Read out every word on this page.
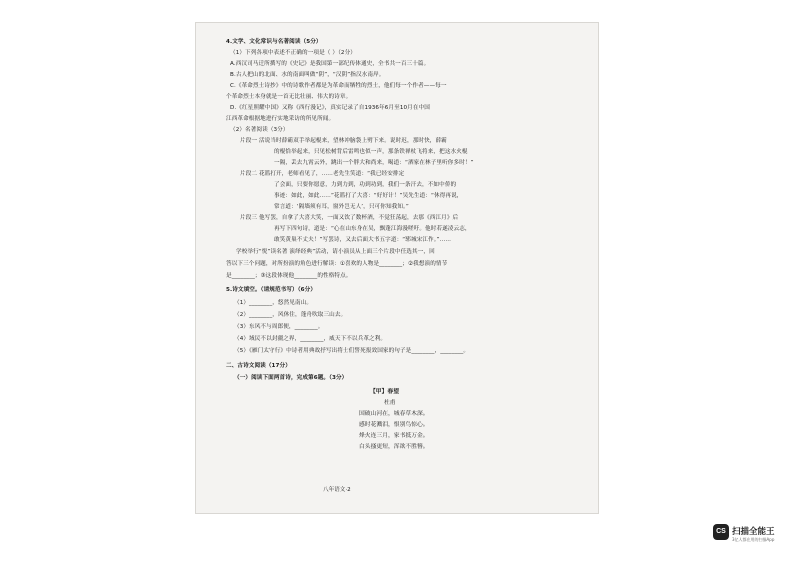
4.文学、文化常识与名著阅读（5分）
（1）下列各项中表述不正确的一项是（ ）（2分）
A.西汉司马迁所撰写的《史记》是我国第一部纪传体通史，全书共一百三十篇。
B.古人把山的北面、水的南面叫做“阴”，“汉阴”指汉水南岸。
C.《革命烈士诗抄》中的诗歌作者都是为革命而牺牲的烈士，他们每一个作者——每一
个革命烈士本身就是一首无比壮丽、伟大的诗章。
D.《红星照耀中国》又称《西行漫记》，真实记录了自1936年6月至10月在中国
江西革命根据地进行实地采访的所见所闻。
（2）名著阅读（3分）
片段一 活说当时薛霸双手举起棍来，望林冲脑袋上劈下来。说时迟，那时快，薛霸
的棍恰举起来，只见松树背后雷鸣也似一声，那条铁禅杖飞将来，把这水火棍
一隔，丢去九霄云外，跳出一个胖大和尚来，喝道：“洒家在林子里听你多时！”
片段二 花篮打开，老师看见了，……老先生笑道：“我已经安排定
了会面，只要你愿意，力到力到，功到功到，我们一条汗去，不如中侨的
事迹：如此，如此……”花篮打了大喜：“好好计！”吴先生道：“休得再说，
常言道：‘隔墙须有耳，窗外岂无人’，只可你知我知。”
片段三 他写罢，自拿了大喜大笑，一面又饮了数杯酒，不觉狂荡起，去那《西江月》后
再写下四句诗，道是：“心在山东身在吴，飘蓬江海漫嗟吁。他时若遂凌云志，
敢笑黄巢不丈夫！”写罢诗，又去后面大书五字道：“郓城宋江作。”……
学校举行“悦”读名著 演绎经典”活动，请小演员从上面三个片段中任选其一，回
答以下三个问题，对所扮演的角色进行解读：①喜欢的人物是________；②我想演的情节
是________；③这段体现他________的性格特点。
5.诗文填空。（请规范书写）（6分）
（1）________，悠然见南山。
（2）________，风休住，蓬舟吹取三山去。
（3）东风不与周郎便，________。
（4）域民不以封疆之界，________，威天下不以兵革之利。
（5）《雁门太守行》中诗者用典故抒写出将士们誓死报效国家的句子是________，________。
二、古诗文阅读（17分）
（一）阅读下面两首诗，完成第6题。（3分）
【甲】春望
杜甫
国破山河在，城春草木深。
感时花溅泪，恨别鸟惊心。
烽火连三月，家书抵万金。
白头搔更短，浑欲不胜簪。
八年语文·2
CS 扫描全能王
3亿人都在用的扫描App
